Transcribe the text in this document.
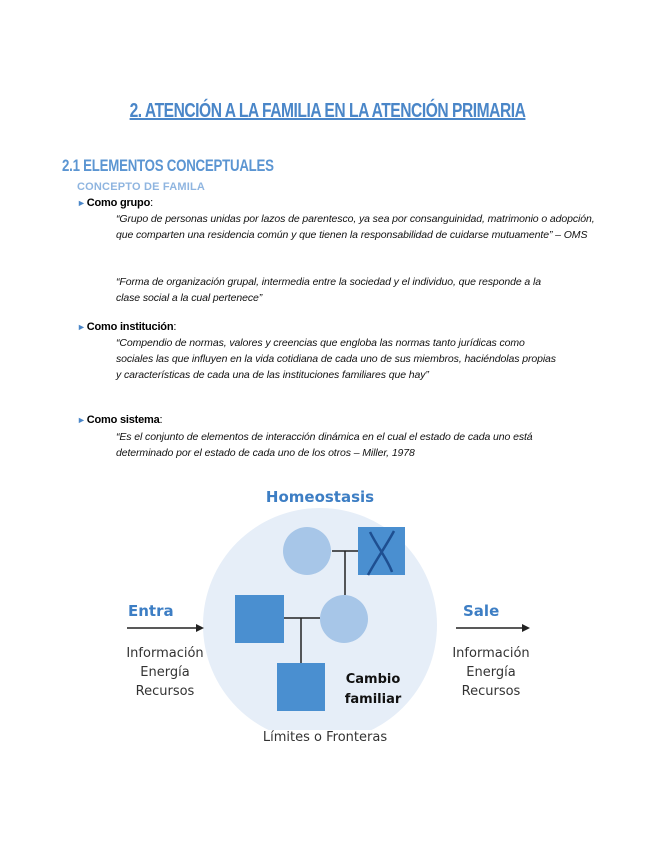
2. ATENCIÓN A LA FAMILIA EN LA ATENCIÓN PRIMARIA
2.1 ELEMENTOS CONCEPTUALES
CONCEPTO DE FAMILA
►Como grupo:
“Grupo de personas unidas por lazos de parentesco, ya sea por consanguinidad, matrimonio o adopción, que comparten una residencia común y que tienen la responsabilidad de cuidarse mutuamente” – OMS
“Forma de organización grupal, intermedia entre la sociedad y el individuo, que responde a la clase social a la cual pertenece”
►Como institución:
“Compendio de normas, valores y creencias que engloba las normas tanto jurídicas como sociales las que influyen en la vida cotidiana de cada uno de sus miembros, haciéndolas propias y características de cada una de las instituciones familiares que hay”
►Como sistema:
“Es el conjunto de elementos de interacción dinámica en el cual el estado de cada uno está determinado por el estado de cada uno de los otros – Miller, 1978
Homeostasis
Entra	Sale
Información
Energía
Recursos
Información
Energía
Recursos
Cambio
familiar
Límites o Fronteras
